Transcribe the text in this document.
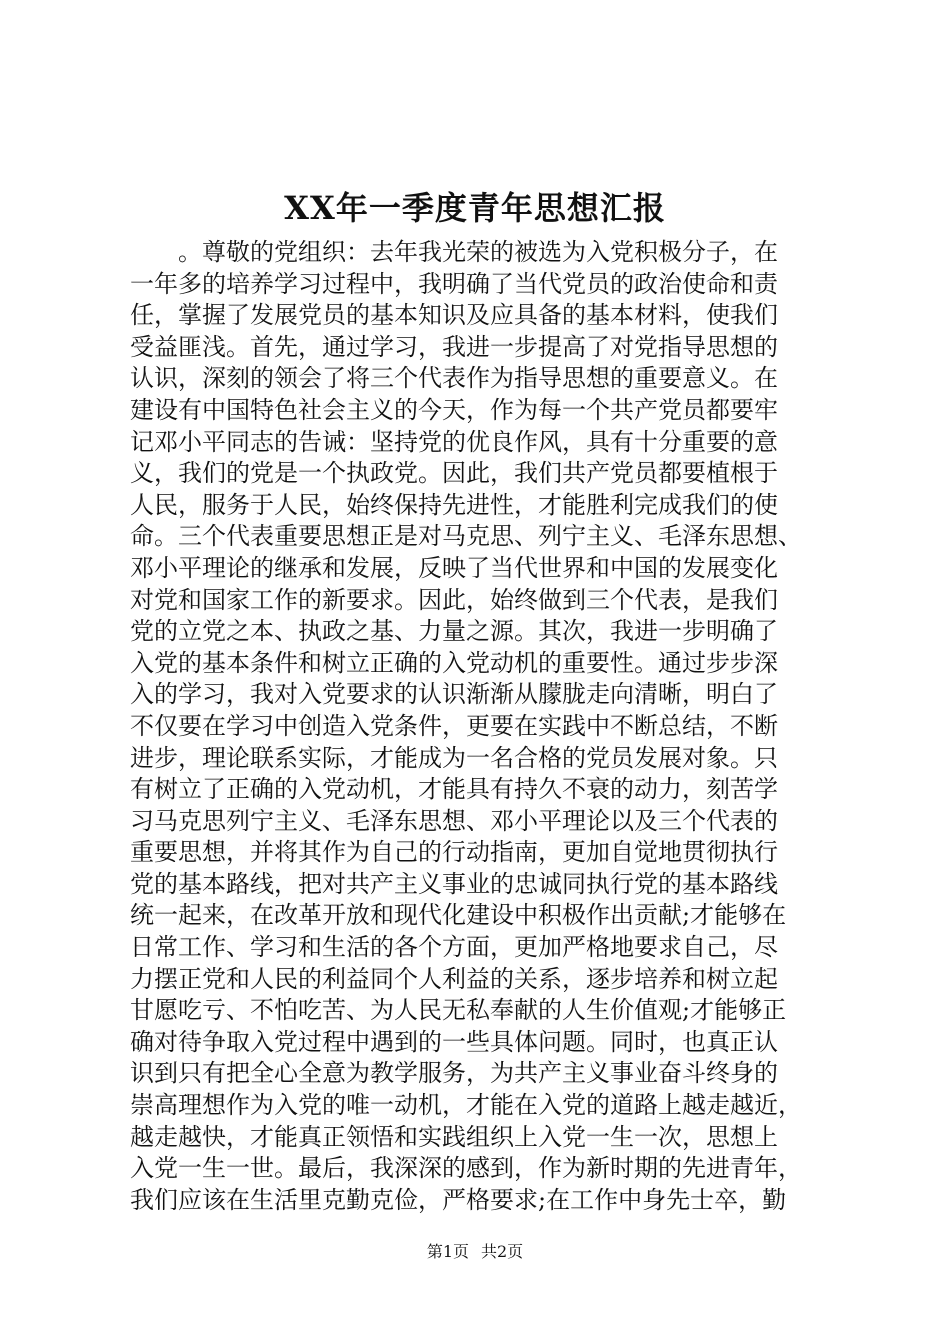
XX年一季度青年思想汇报
　　。尊敬的党组织：去年我光荣的被选为入党积极分子，在
一年多的培养学习过程中，我明确了当代党员的政治使命和责
任，掌握了发展党员的基本知识及应具备的基本材料，使我们
受益匪浅。首先，通过学习，我进一步提高了对党指导思想的
认识，深刻的领会了将三个代表作为指导思想的重要意义。在
建设有中国特色社会主义的今天，作为每一个共产党员都要牢
记邓小平同志的告诫：坚持党的优良作风，具有十分重要的意
义，我们的党是一个执政党。因此，我们共产党员都要植根于
人民，服务于人民，始终保持先进性，才能胜利完成我们的使
命。三个代表重要思想正是对马克思、列宁主义、毛泽东思想、
邓小平理论的继承和发展，反映了当代世界和中国的发展变化
对党和国家工作的新要求。因此，始终做到三个代表，是我们
党的立党之本、执政之基、力量之源。其次，我进一步明确了
入党的基本条件和树立正确的入党动机的重要性。通过步步深
入的学习，我对入党要求的认识渐渐从朦胧走向清晰，明白了
不仅要在学习中创造入党条件，更要在实践中不断总结，不断
进步，理论联系实际，才能成为一名合格的党员发展对象。只
有树立了正确的入党动机，才能具有持久不衰的动力，刻苦学
习马克思列宁主义、毛泽东思想、邓小平理论以及三个代表的
重要思想，并将其作为自己的行动指南，更加自觉地贯彻执行
党的基本路线，把对共产主义事业的忠诚同执行党的基本路线
统一起来，在改革开放和现代化建设中积极作出贡献;才能够在
日常工作、学习和生活的各个方面，更加严格地要求自己，尽
力摆正党和人民的利益同个人利益的关系，逐步培养和树立起
甘愿吃亏、不怕吃苦、为人民无私奉献的人生价值观;才能够正
确对待争取入党过程中遇到的一些具体问题。同时，也真正认
识到只有把全心全意为教学服务，为共产主义事业奋斗终身的
崇高理想作为入党的唯一动机，才能在入党的道路上越走越近，
越走越快，才能真正领悟和实践组织上入党一生一次，思想上
入党一生一世。最后，我深深的感到，作为新时期的先进青年，
我们应该在生活里克勤克俭，严格要求;在工作中身先士卒，勤
第1页 共2页
